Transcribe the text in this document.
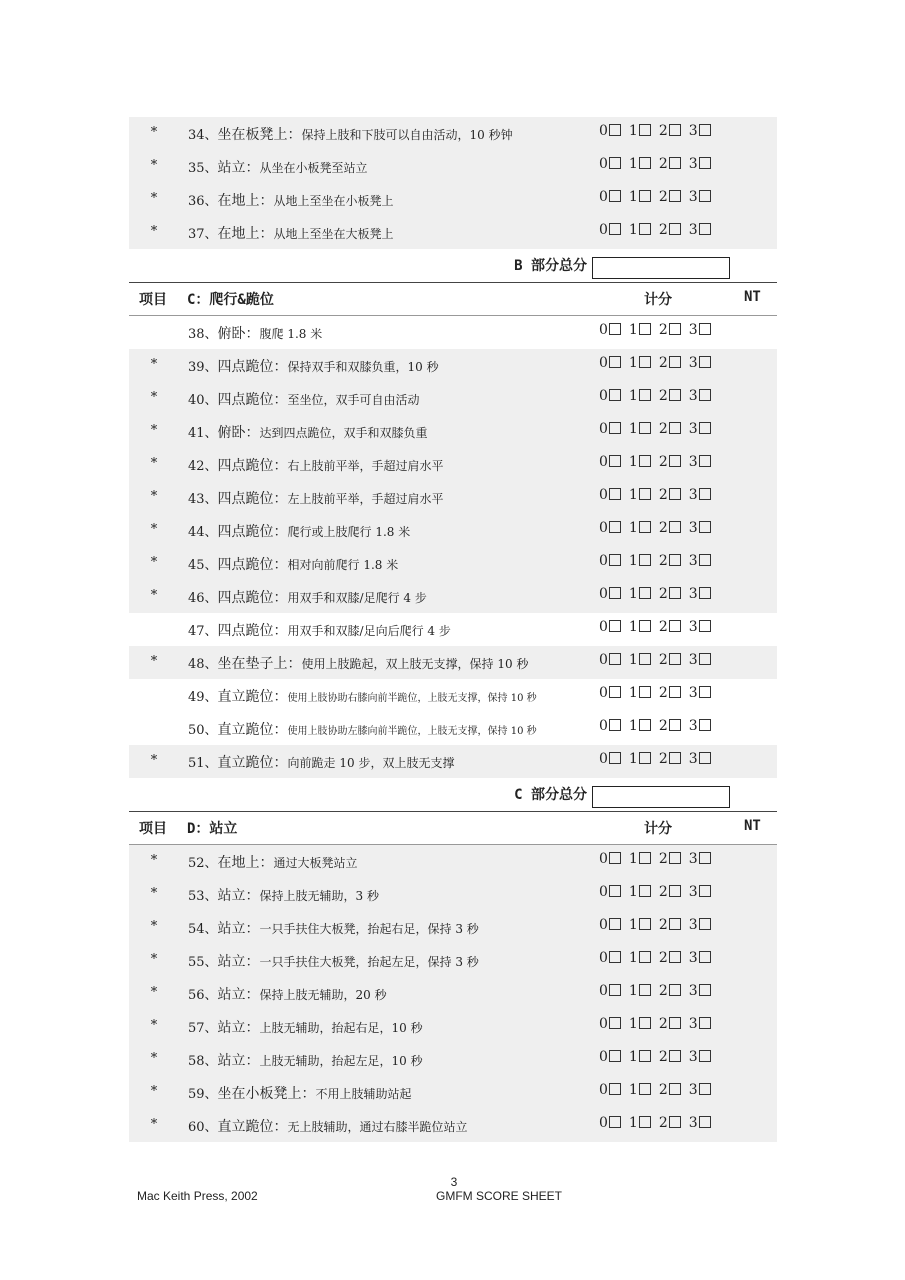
* 34、坐在板凳上：保持上肢和下肢可以自由活动，10 秒钟	0 1 2 3
* 35、站立：从坐在小板凳至站立	0 1 2 3
* 36、在地上：从地上至坐在小板凳上	0 1 2 3
* 37、在地上：从地上至坐在大板凳上	0 1 2 3
B 部分总分
项目 C：爬行&跪位	计分	NT
38、俯卧：腹爬 1.8 米	0 1 2 3
* 39、四点跪位：保持双手和双膝负重，10 秒	0 1 2 3
* 40、四点跪位：至坐位，双手可自由活动	0 1 2 3
* 41、俯卧：达到四点跪位，双手和双膝负重	0 1 2 3
* 42、四点跪位：右上肢前平举，手超过肩水平	0 1 2 3
* 43、四点跪位：左上肢前平举，手超过肩水平	0 1 2 3
* 44、四点跪位：爬行或上肢爬行 1.8 米	0 1 2 3
* 45、四点跪位：相对向前爬行 1.8 米	0 1 2 3
* 46、四点跪位：用双手和双膝/足爬行 4 步	0 1 2 3
47、四点跪位：用双手和双膝/足向后爬行 4 步	0 1 2 3
* 48、坐在垫子上：使用上肢跪起，双上肢无支撑，保持 10 秒	0 1 2 3
49、直立跪位：使用上肢协助右膝向前半跪位，上肢无支撑，保持 10 秒	0 1 2 3
50、直立跪位：使用上肢协助左膝向前半跪位，上肢无支撑，保持 10 秒	0 1 2 3
* 51、直立跪位：向前跪走 10 步，双上肢无支撑	0 1 2 3
C 部分总分
项目 D：站立	计分	NT
* 52、在地上：通过大板凳站立	0 1 2 3
* 53、站立：保持上肢无辅助，3 秒	0 1 2 3
* 54、站立：一只手扶住大板凳，抬起右足，保持 3 秒	0 1 2 3
* 55、站立：一只手扶住大板凳，抬起左足，保持 3 秒	0 1 2 3
* 56、站立：保持上肢无辅助，20 秒	0 1 2 3
* 57、站立：上肢无辅助，抬起右足，10 秒	0 1 2 3
* 58、站立：上肢无辅助，抬起左足，10 秒	0 1 2 3
* 59、坐在小板凳上：不用上肢辅助站起	0 1 2 3
* 60、直立跪位：无上肢辅助，通过右膝半跪位站立	0 1 2 3
3
Mac Keith Press, 2002	GMFM SCORE SHEET
